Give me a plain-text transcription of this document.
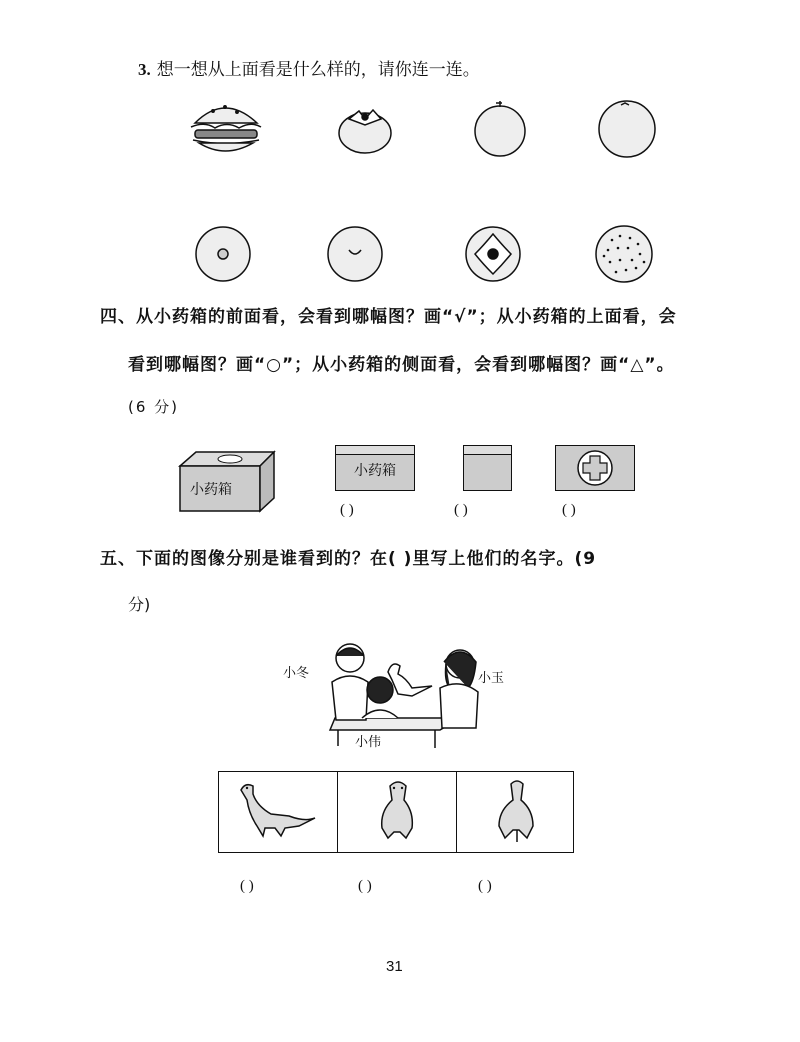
3. 想一想从上面看是什么样的，请你连一连。
四、从小药箱的前面看，会看到哪幅图？画“√”；从小药箱的上面看，会
看到哪幅图？画“○”；从小药箱的侧面看，会看到哪幅图？画“△”。
(6 分)
小药箱
小药箱
( )	( )	( )
五、下面的图像分别是谁看到的？在( )里写上他们的名字。(9
分)
小冬	小玉
小伟
( )	( )	( )
31
